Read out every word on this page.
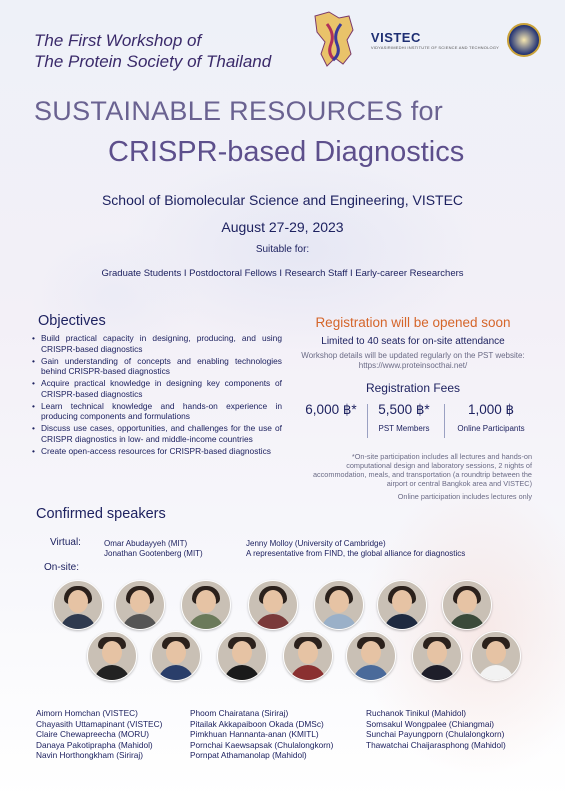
The First Workshop of
The Protein Society of Thailand
VISTEC
VIDYASIRIMEDHI INSTITUTE OF SCIENCE AND TECHNOLOGY
SUSTAINABLE RESOURCES for
CRISPR-based Diagnostics
School of Biomolecular Science and Engineering, VISTEC
August 27-29, 2023
Suitable for:
Graduate Students I Postdoctoral Fellows I Research Staff I Early-career Researchers
Objectives
• Build practical capacity in designing, producing, and using CRISPR-based diagnostics
• Gain understanding of concepts and enabling technologies behind CRISPR-based diagnostics
• Acquire practical knowledge in designing key components of CRISPR-based diagnostics
• Learn technical knowledge and hands-on experience in producing components and formulations
• Discuss use cases, opportunities, and challenges for the use of CRISPR diagnostics in low- and middle-income countries
• Create open-access resources for CRISPR-based diagnostics
Registration will be opened soon
Limited to 40 seats for on-site attendance
Workshop details will be updated regularly on the PST website: https://www.proteinsocthai.net/
Registration Fees
6,000 ฿*	5,500 ฿*
PST Members
1,000 ฿
Online Participants
*On-site participation includes all lectures and hands-on computational design and laboratory sessions, 2 nights of accommodation, meals, and transportation (a roundtrip between the airport or central Bangkok area and VISTEC)
Online participation includes lectures only
Confirmed speakers
Virtual:	Omar Abudayyeh (MIT)
Jonathan Gootenberg (MIT)
Jenny Molloy (University of Cambridge)
A representative from FIND, the global alliance for diagnostics
On-site:
Aimorn Homchan (VISTEC)
Chayasith Uttamapinant (VISTEC)
Claire Chewapreecha (MORU)
Danaya Pakotiprapha (Mahidol)
Navin Horthongkham (Siriraj)
Phoom Chairatana (Siriraj)
Pitailak Akkapaiboon Okada (DMSc)
Pimkhuan Hannanta-anan (KMITL)
Pornchai Kaewsapsak (Chulalongkorn)
Pornpat Athamanolap (Mahidol)
Ruchanok Tinikul (Mahidol)
Somsakul Wongpalee (Chiangmai)
Sunchai Payungporn (Chulalongkorn)
Thawatchai Chaijarasphong (Mahidol)
